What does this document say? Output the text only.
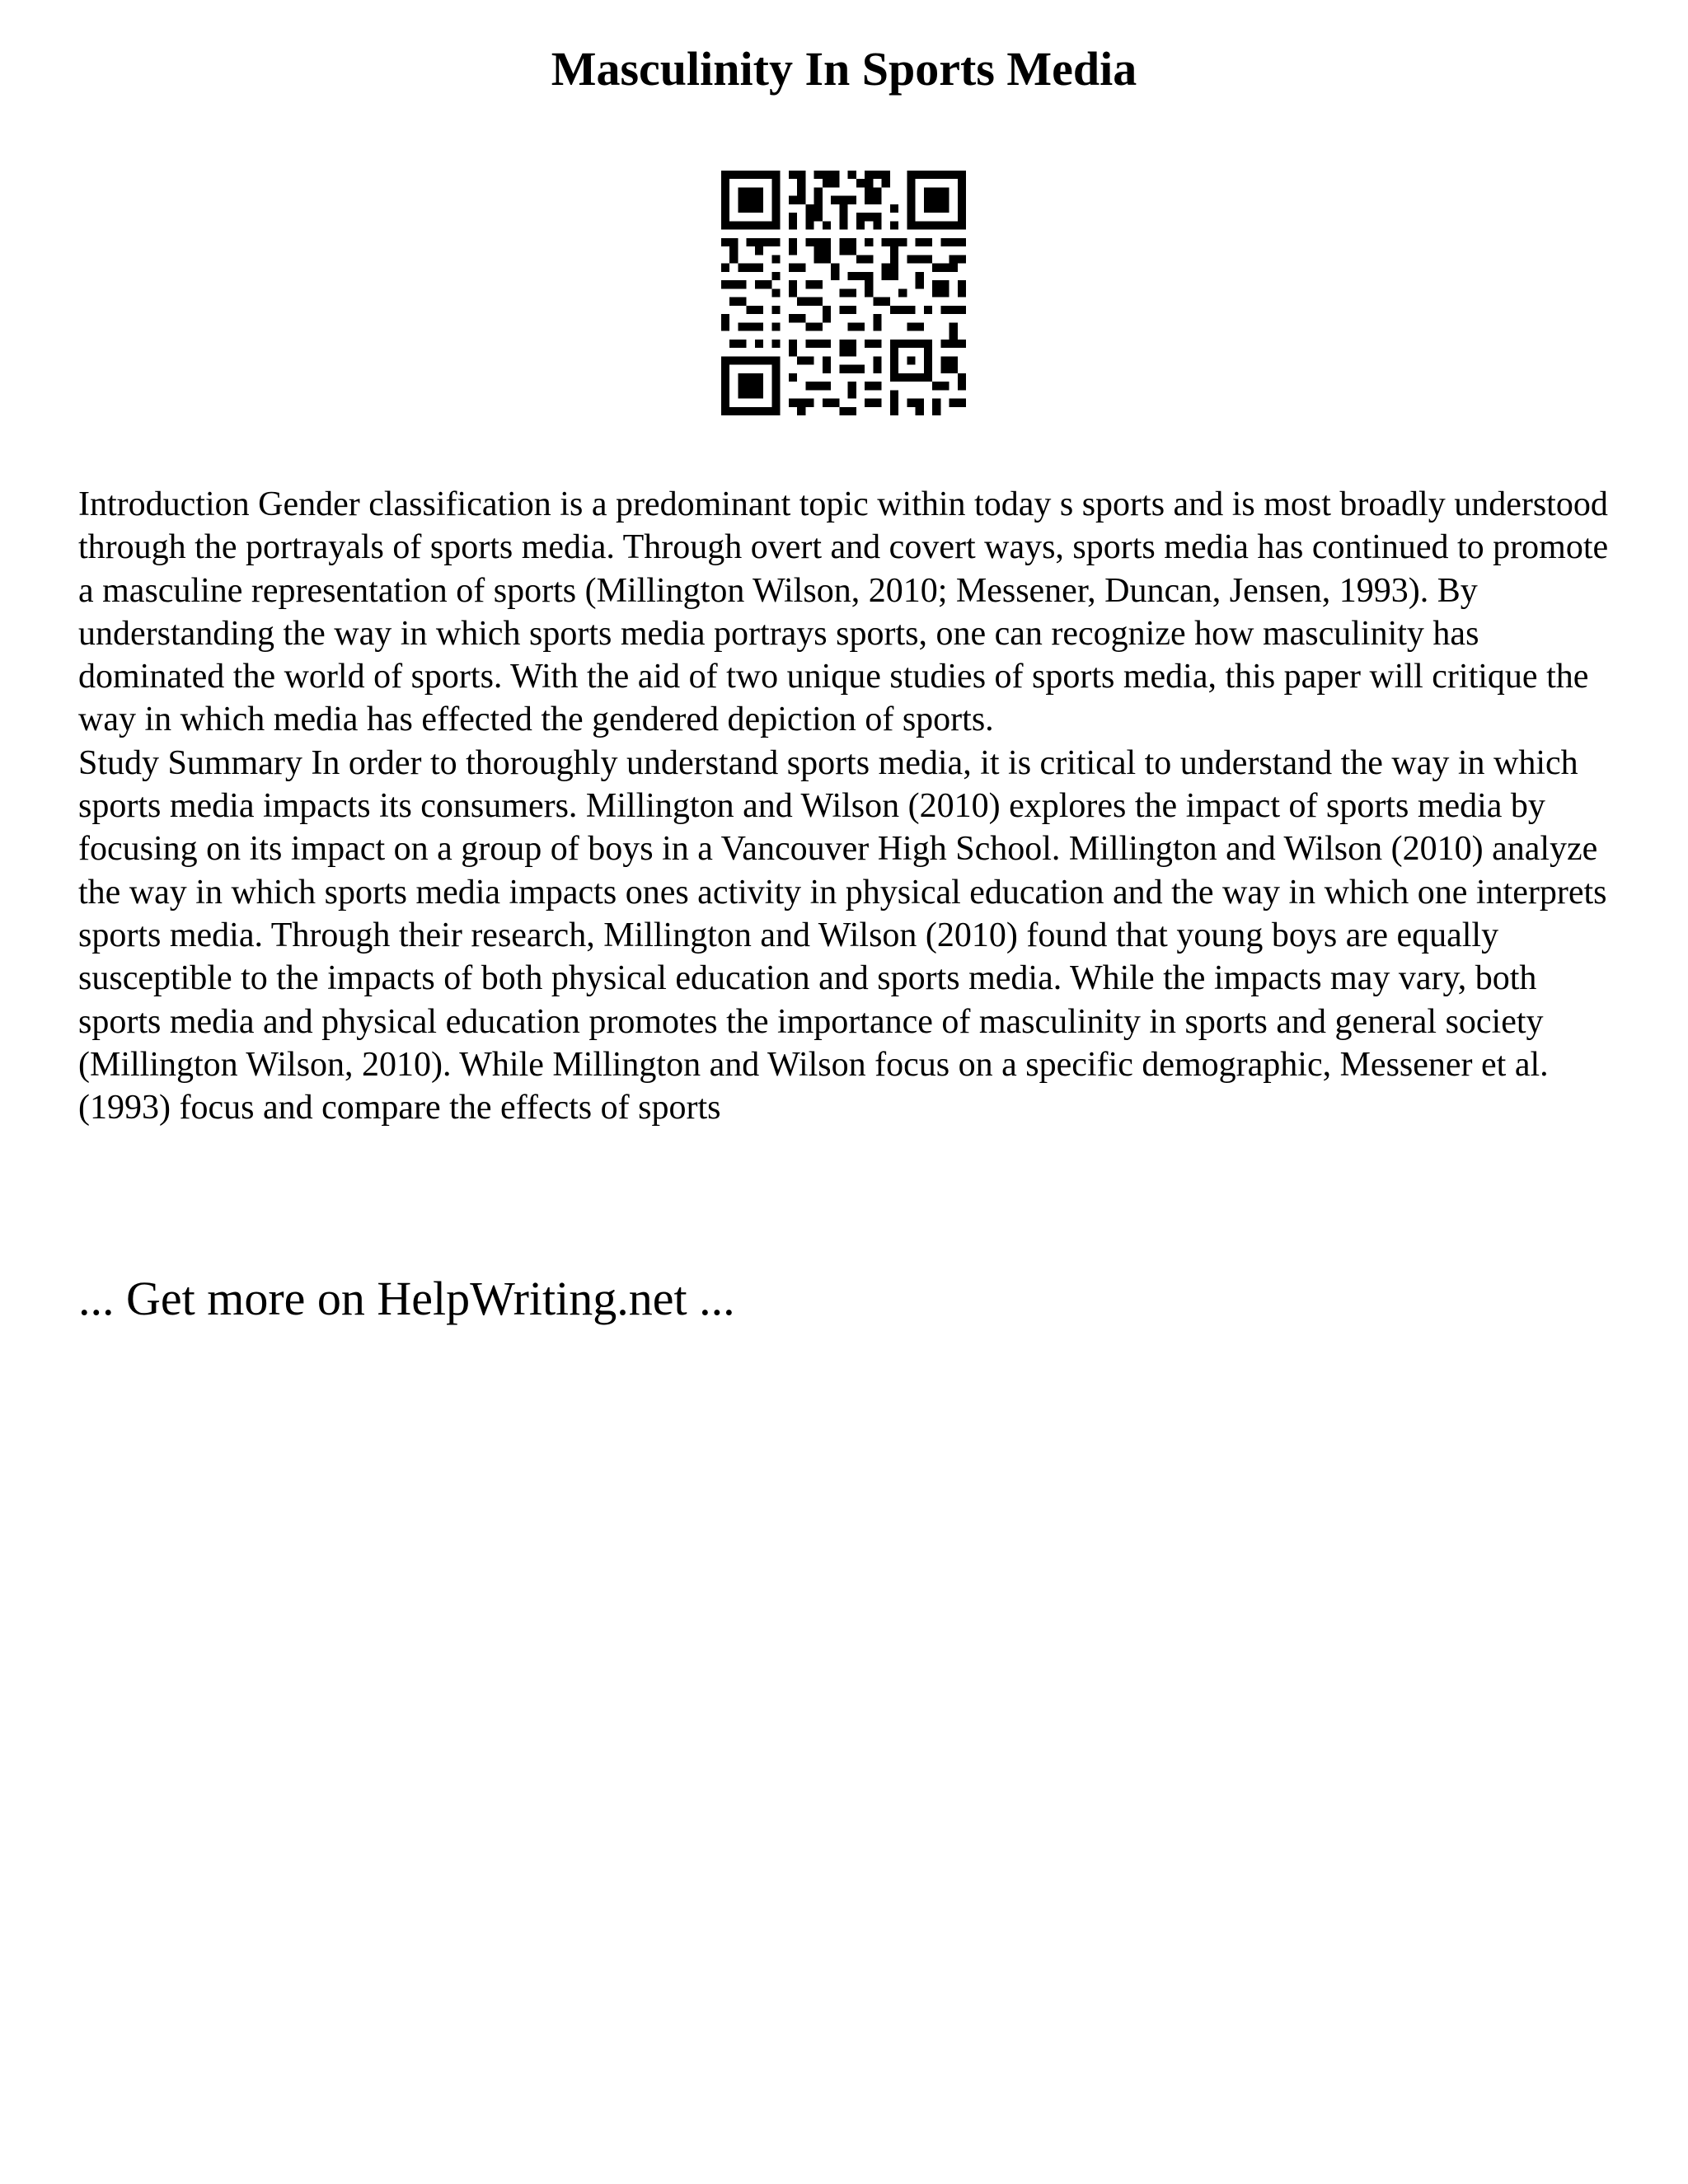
Masculinity In Sports Media

Introduction Gender classification is a predominant topic within today s sports and is most broadly understood through the portrayals of sports media. Through overt and covert ways, sports media has continued to promote a masculine representation of sports (Millington Wilson, 2010; Messener, Duncan, Jensen, 1993). By understanding the way in which sports media portrays sports, one can recognize how masculinity has dominated the world of sports. With the aid of two unique studies of sports media, this paper will critique the way in which media has effected the gendered depiction of sports.

Study Summary In order to thoroughly understand sports media, it is critical to understand the way in which sports media impacts its consumers. Millington and Wilson (2010) explores the impact of sports media by focusing on its impact on a group of boys in a Vancouver High School. Millington and Wilson (2010) analyze the way in which sports media impacts ones activity in physical education and the way in which one interprets sports media. Through their research, Millington and Wilson (2010) found that young boys are equally susceptible to the impacts of both physical education and sports media. While the impacts may vary, both sports media and physical education promotes the importance of masculinity in sports and general society (Millington Wilson, 2010). While Millington and Wilson focus on a specific demographic, Messener et al. (1993) focus and compare the effects of sports

... Get more on HelpWriting.net ...
